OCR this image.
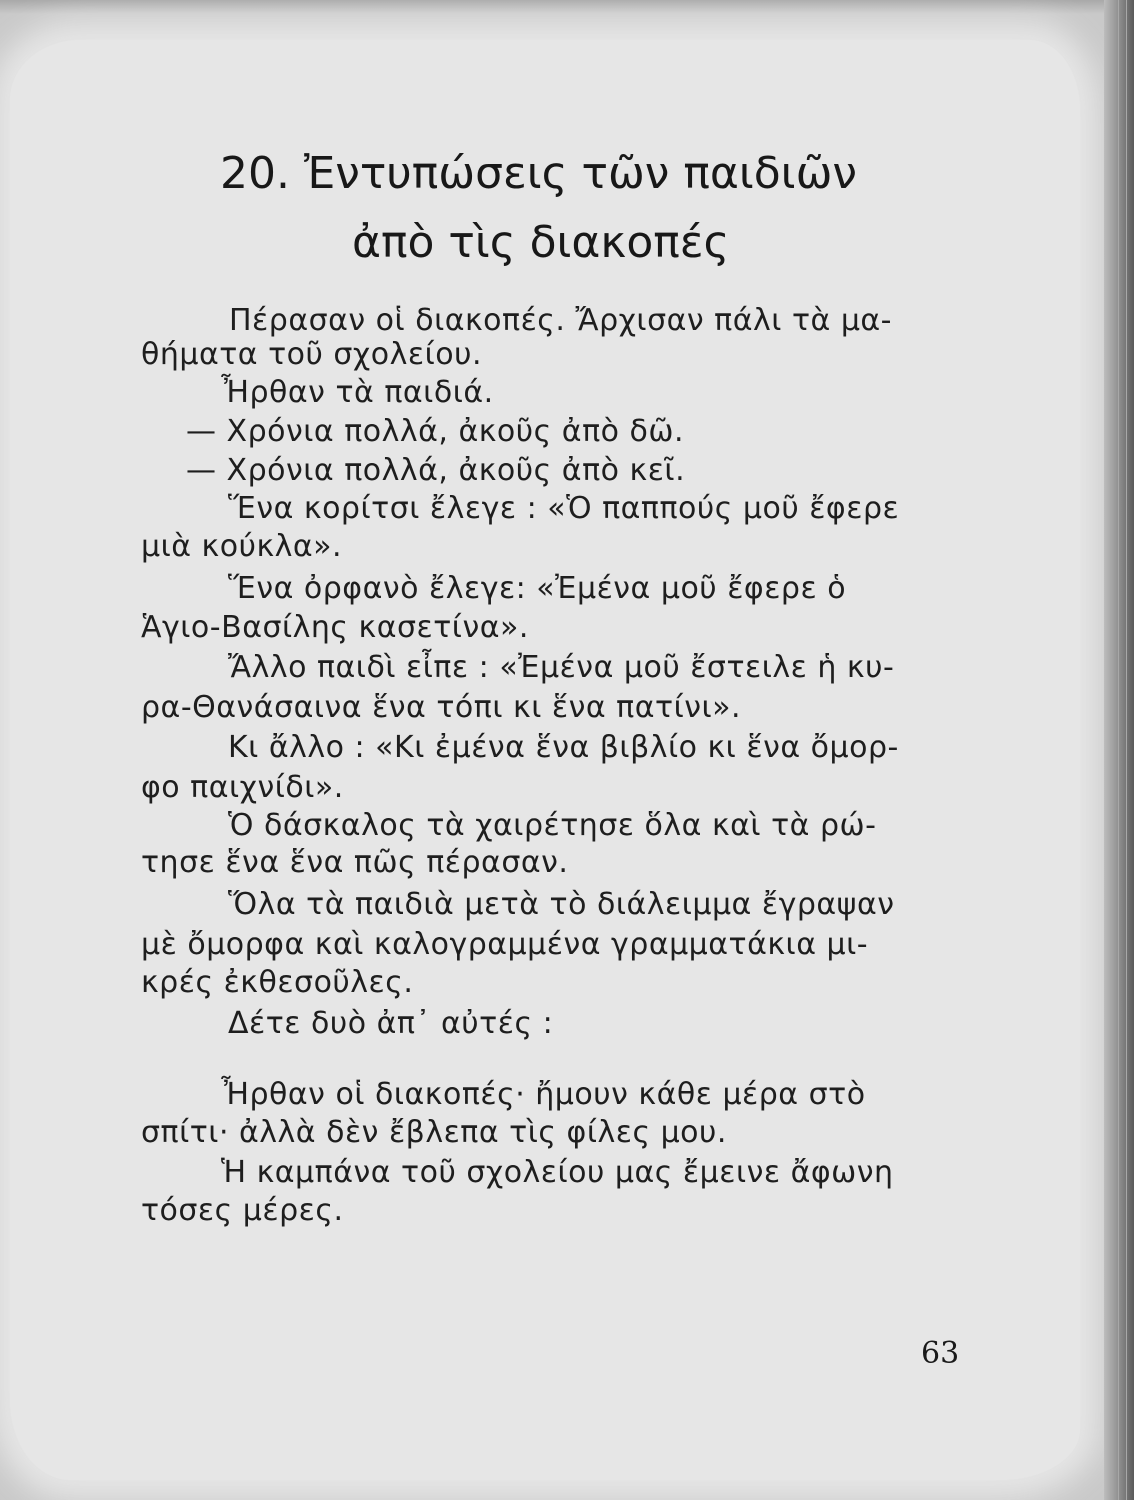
20. Ἐντυπώσεις τῶν παιδιῶν
ἀπὸ τὶς διακοπές
Πέρασαν οἱ διακοπές. Ἄρχισαν πάλι τὰ μα-
θήματα τοῦ σχολείου.
Ἦρθαν τὰ παιδιά.
— Χρόνια πολλά, ἀκοῦς ἀπὸ δῶ.
— Χρόνια πολλά, ἀκοῦς ἀπὸ κεῖ.
Ἕνα κορίτσι ἔλεγε : «Ὁ παππούς μοῦ ἔφερε
μιὰ κούκλα».
Ἕνα ὀρφανὸ ἔλεγε: «Ἐμένα μοῦ ἔφερε ὁ
Ἁγιο-Βασίλης κασετίνα».
Ἄλλο παιδὶ εἶπε : «Ἐμένα μοῦ ἔστειλε ἡ κυ-
ρα-Θανάσαινα ἕνα τόπι κι ἕνα πατίνι».
Κι ἄλλο : «Κι ἐμένα ἕνα βιβλίο κι ἕνα ὄμορ-
φο παιχνίδι».
Ὁ δάσκαλος τὰ χαιρέτησε ὅλα καὶ τὰ ρώ-
τησε ἕνα ἕνα πῶς πέρασαν.
Ὅλα τὰ παιδιὰ μετὰ τὸ διάλειμμα ἔγραψαν
μὲ ὄμορφα καὶ καλογραμμένα γραμματάκια μι-
κρές ἐκθεσοῦλες.
Δέτε δυὸ ἀπ᾿ αὐτές :
Ἦρθαν οἱ διακοπές· ἤμουν κάθε μέρα στὸ
σπίτι· ἀλλὰ δὲν ἔβλεπα τὶς φίλες μου.
Ἡ καμπάνα τοῦ σχολείου μας ἔμεινε ἄφωνη
τόσες μέρες.
63
